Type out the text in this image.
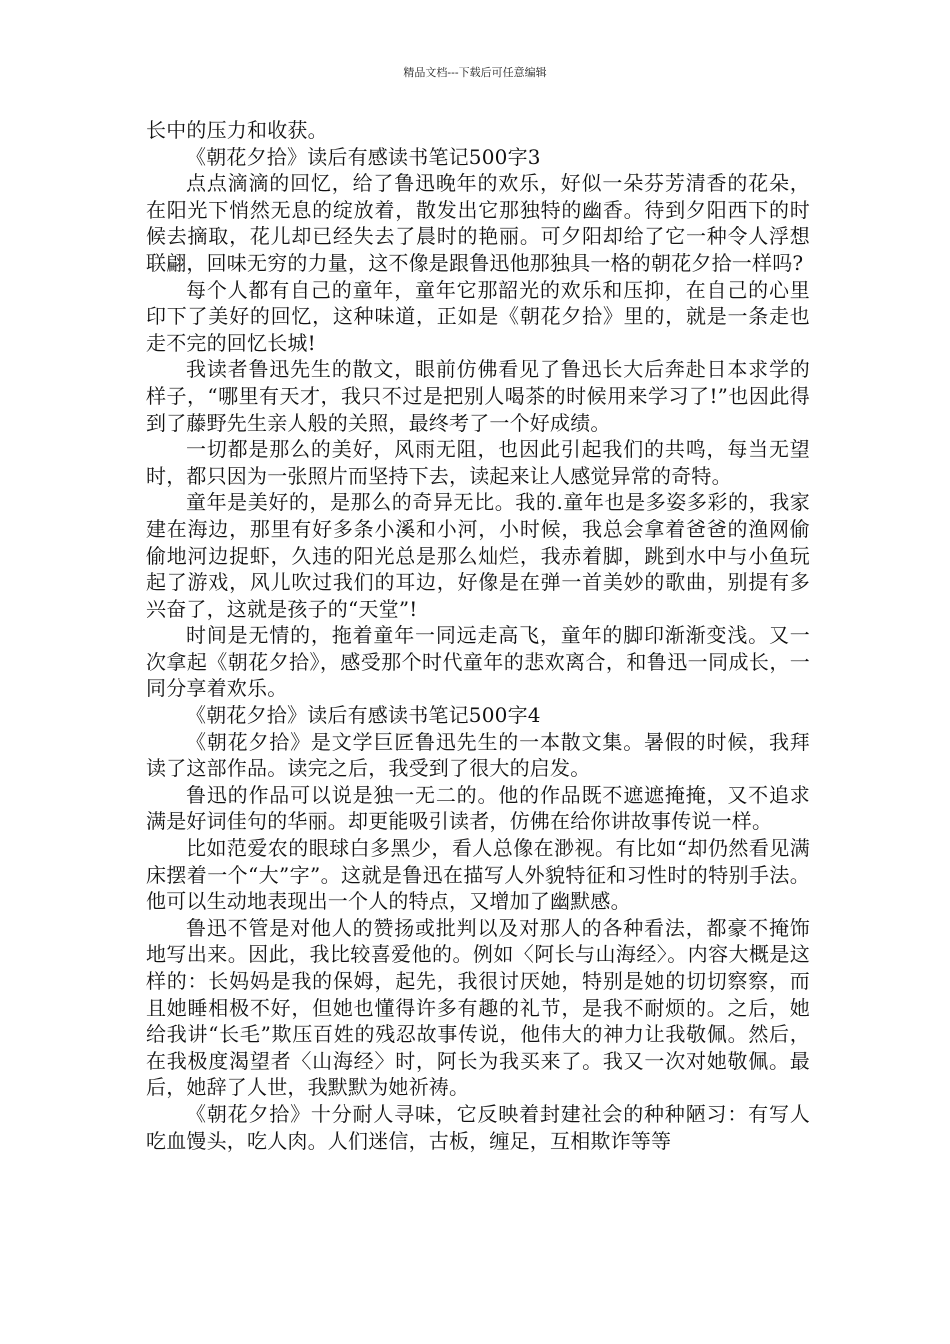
精品文档---下载后可任意编辑

长中的压力和收获。

《朝花夕拾》读后有感读书笔记500字3

点点滴滴的回忆，给了鲁迅晚年的欢乐，好似一朵芬芳清香的花朵，在阳光下悄然无息的绽放着，散发出它那独特的幽香。待到夕阳西下的时候去摘取，花儿却已经失去了晨时的艳丽。可夕阳却给了它一种令人浮想联翩，回味无穷的力量，这不像是跟鲁迅他那独具一格的朝花夕拾一样吗?

每个人都有自己的童年，童年它那韶光的欢乐和压抑，在自己的心里印下了美好的回忆，这种味道，正如是《朝花夕拾》里的，就是一条走也走不完的回忆长城!

我读者鲁迅先生的散文，眼前仿佛看见了鲁迅长大后奔赴日本求学的样子，“哪里有天才，我只不过是把别人喝茶的时候用来学习了!”也因此得到了藤野先生亲人般的关照，最终考了一个好成绩。

一切都是那么的美好，风雨无阻，也因此引起我们的共鸣，每当无望时，都只因为一张照片而坚持下去，读起来让人感觉异常的奇特。

童年是美好的，是那么的奇异无比。我的.童年也是多姿多彩的，我家建在海边，那里有好多条小溪和小河，小时候，我总会拿着爸爸的渔网偷偷地河边捉虾，久违的阳光总是那么灿烂，我赤着脚，跳到水中与小鱼玩起了游戏，风儿吹过我们的耳边，好像是在弹一首美妙的歌曲，别提有多兴奋了，这就是孩子的“天堂”!

时间是无情的，拖着童年一同远走高飞，童年的脚印渐渐变浅。又一次拿起《朝花夕拾》，感受那个时代童年的悲欢离合，和鲁迅一同成长，一同分享着欢乐。

《朝花夕拾》读后有感读书笔记500字4

《朝花夕拾》是文学巨匠鲁迅先生的一本散文集。暑假的时候，我拜读了这部作品。读完之后，我受到了很大的启发。

鲁迅的作品可以说是独一无二的。他的作品既不遮遮掩掩，又不追求满是好词佳句的华丽。却更能吸引读者，仿佛在给你讲故事传说一样。

比如范爱农的眼球白多黑少，看人总像在渺视。有比如“却仍然看见满床摆着一个“大”字”。这就是鲁迅在描写人外貌特征和习性时的特别手法。他可以生动地表现出一个人的特点，又增加了幽默感。

鲁迅不管是对他人的赞扬或批判以及对那人的各种看法，都豪不掩饰地写出来。因此，我比较喜爱他的。例如〈阿长与山海经〉。内容大概是这样的：长妈妈是我的保姆，起先，我很讨厌她，特别是她的切切察察，而且她睡相极不好，但她也懂得许多有趣的礼节，是我不耐烦的。之后，她给我讲“长毛”欺压百姓的残忍故事传说，他伟大的神力让我敬佩。然后，在我极度渴望者〈山海经〉时，阿长为我买来了。我又一次对她敬佩。最后，她辞了人世，我默默为她祈祷。

《朝花夕拾》十分耐人寻味，它反映着封建社会的种种陋习：有写人吃血馒头，吃人肉。人们迷信，古板，缠足，互相欺诈等等
